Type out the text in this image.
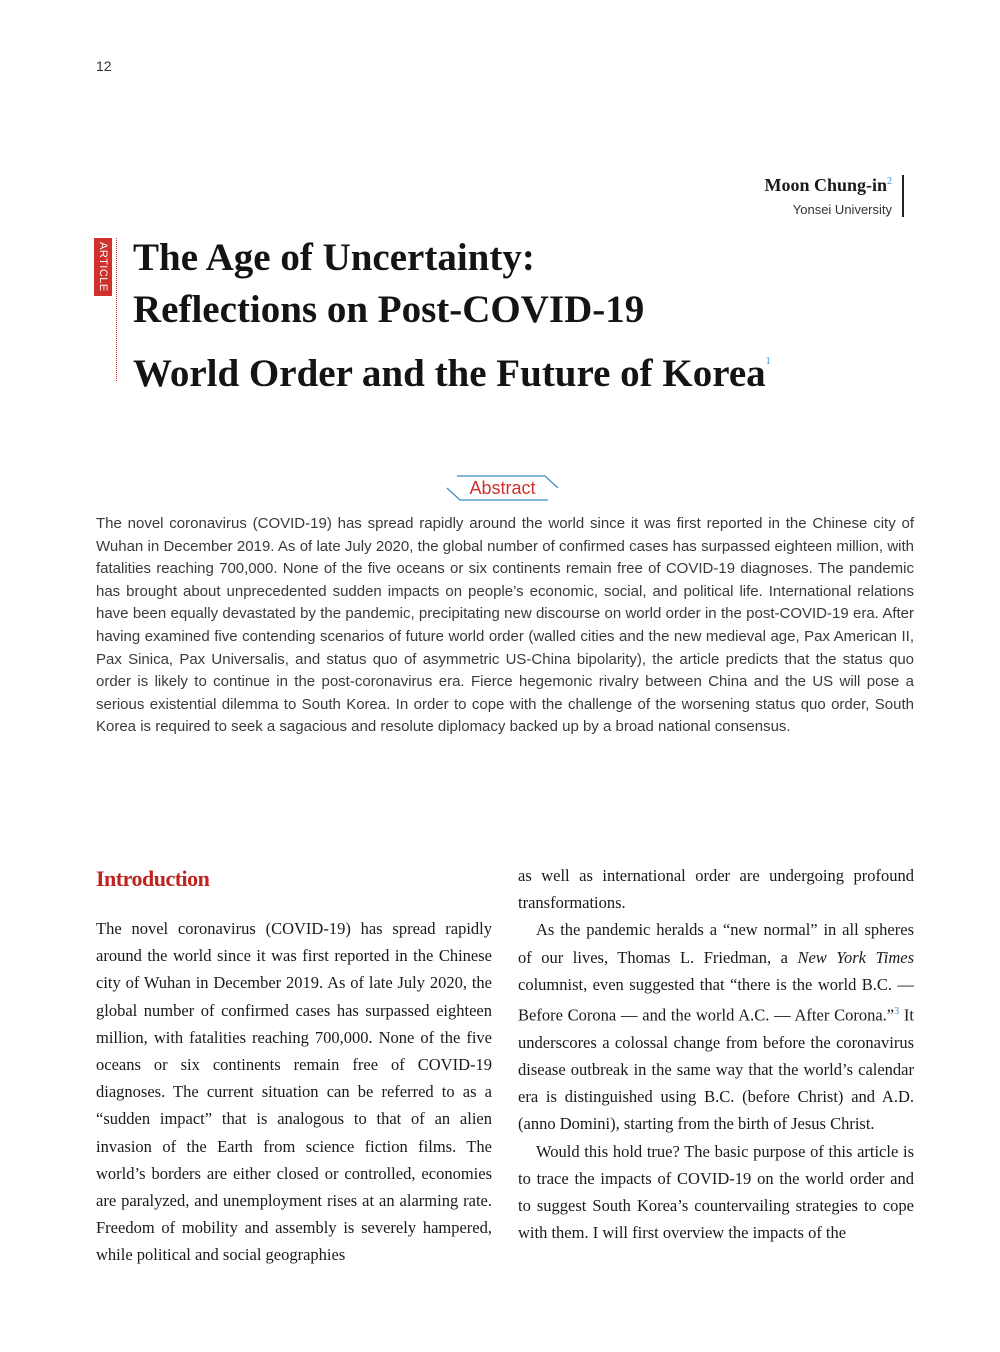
12
Moon Chung-$in^2$
Yonsei University
ARTICLE The Age of Uncertainty:
Reflections on Post-COVID-19
World Order and the Future of Korea$^1$
Abstract

The novel coronavirus (COVID-19) has spread rapidly around the world since it was first reported in the Chinese city of Wuhan in December 2019. As of late July 2020, the global number of confirmed cases has surpassed eighteen million, with fatalities reaching 700,000. None of the five oceans or six continents remain free of COVID-19 diagnoses. The pandemic has brought about unprecedented sudden impacts on people’s economic, social, and political life. International relations have been equally devastated by the pandemic, precipitating new discourse on world order in the post-COVID-19 era. After having examined five contending scenarios of future world order (walled cities and the new medieval age, Pax American II, Pax Sinica, Pax Universalis, and status quo of asymmetric US-China bipolarity), the article predicts that the status quo order is likely to continue in the post-coronavirus era. Fierce hegemonic rivalry between China and the US will pose a serious existential dilemma to South Korea. In order to cope with the challenge of the worsening status quo order, South Korea is required to seek a sagacious and resolute diplomacy backed up by a broad national consensus.

Introduction

The novel coronavirus (COVID-19) has spread rapidly around the world since it was first reported in the Chinese city of Wuhan in December 2019. As of late July 2020, the global number of confirmed cases has surpassed eighteen million, with fatalities reaching 700,000. None of the five oceans or six continents remain free of COVID-19 diagnoses. The current situation can be referred to as a “sudden impact” that is analogous to that of an alien invasion of the Earth from science fiction films. The world’s borders are either closed or controlled, economies are paralyzed, and unemployment rises at an alarming rate. Freedom of mobility and assembly is severely hampered, while political and social geographies

as well as international order are undergoing profound transformations.

As the pandemic heralds a “new normal” in all spheres of our lives, Thomas L. Friedman, a New York Times columnist, even suggested that “there is the world B.C. — Before Corona — and the world A.C. — After Corona.”$^3$ It underscores a colossal change from before the coronavirus disease outbreak in the same way that the world’s calendar era is distinguished using B.C. (before Christ) and A.D. (anno Domini), starting from the birth of Jesus Christ.

Would this hold true? The basic purpose of this article is to trace the impacts of COVID-19 on the world order and to suggest South Korea’s countervailing strategies to cope with them. I will first overview the impacts of the
